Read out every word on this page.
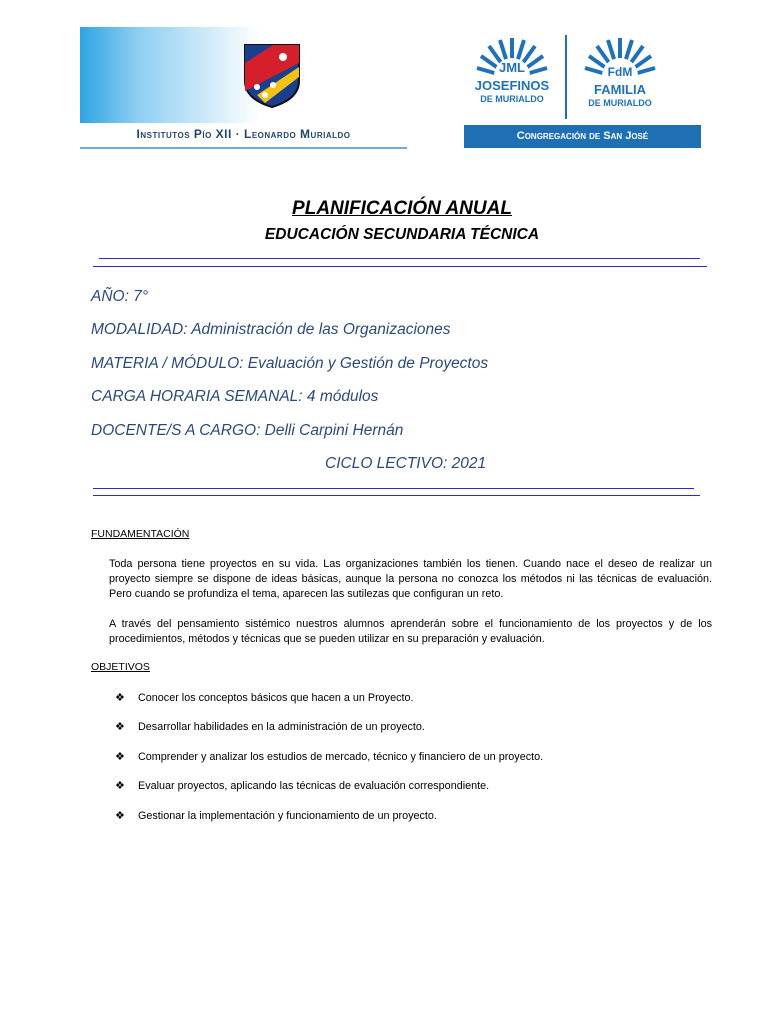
Institutos Pío XII · Leonardo Murialdo
JML
JOSEFINOS
DE MURIALDO
FdM
FAMILIA
DE MURIALDO
Congregación de San José
PLANIFICACIÓN ANUAL
EDUCACIÓN SECUNDARIA TÉCNICA
AÑO: 7°
MODALIDAD: Administración de las Organizaciones
MATERIA / MÓDULO: Evaluación y Gestión de Proyectos
CARGA HORARIA SEMANAL: 4 módulos
DOCENTE/S A CARGO: Delli Carpini Hernán
CICLO LECTIVO: 2021
FUNDAMENTACIÓN
Toda persona tiene proyectos en su vida. Las organizaciones también los tienen. Cuando nace el deseo de realizar un proyecto siempre se dispone de ideas básicas, aunque la persona no conozca los métodos ni las técnicas de evaluación. Pero cuando se profundiza el tema, aparecen las sutilezas que configuran un reto.
A través del pensamiento sistémico nuestros alumnos aprenderán sobre el funcionamiento de los proyectos y de los procedimientos, métodos y técnicas que se pueden utilizar en su preparación y evaluación.
OBJETIVOS
❖ Conocer los conceptos básicos que hacen a un Proyecto.
❖ Desarrollar habilidades en la administración de un proyecto.
❖ Comprender y analizar los estudios de mercado, técnico y financiero de un proyecto.
❖ Evaluar proyectos, aplicando las técnicas de evaluación correspondiente.
❖ Gestionar la implementación y funcionamiento de un proyecto.
